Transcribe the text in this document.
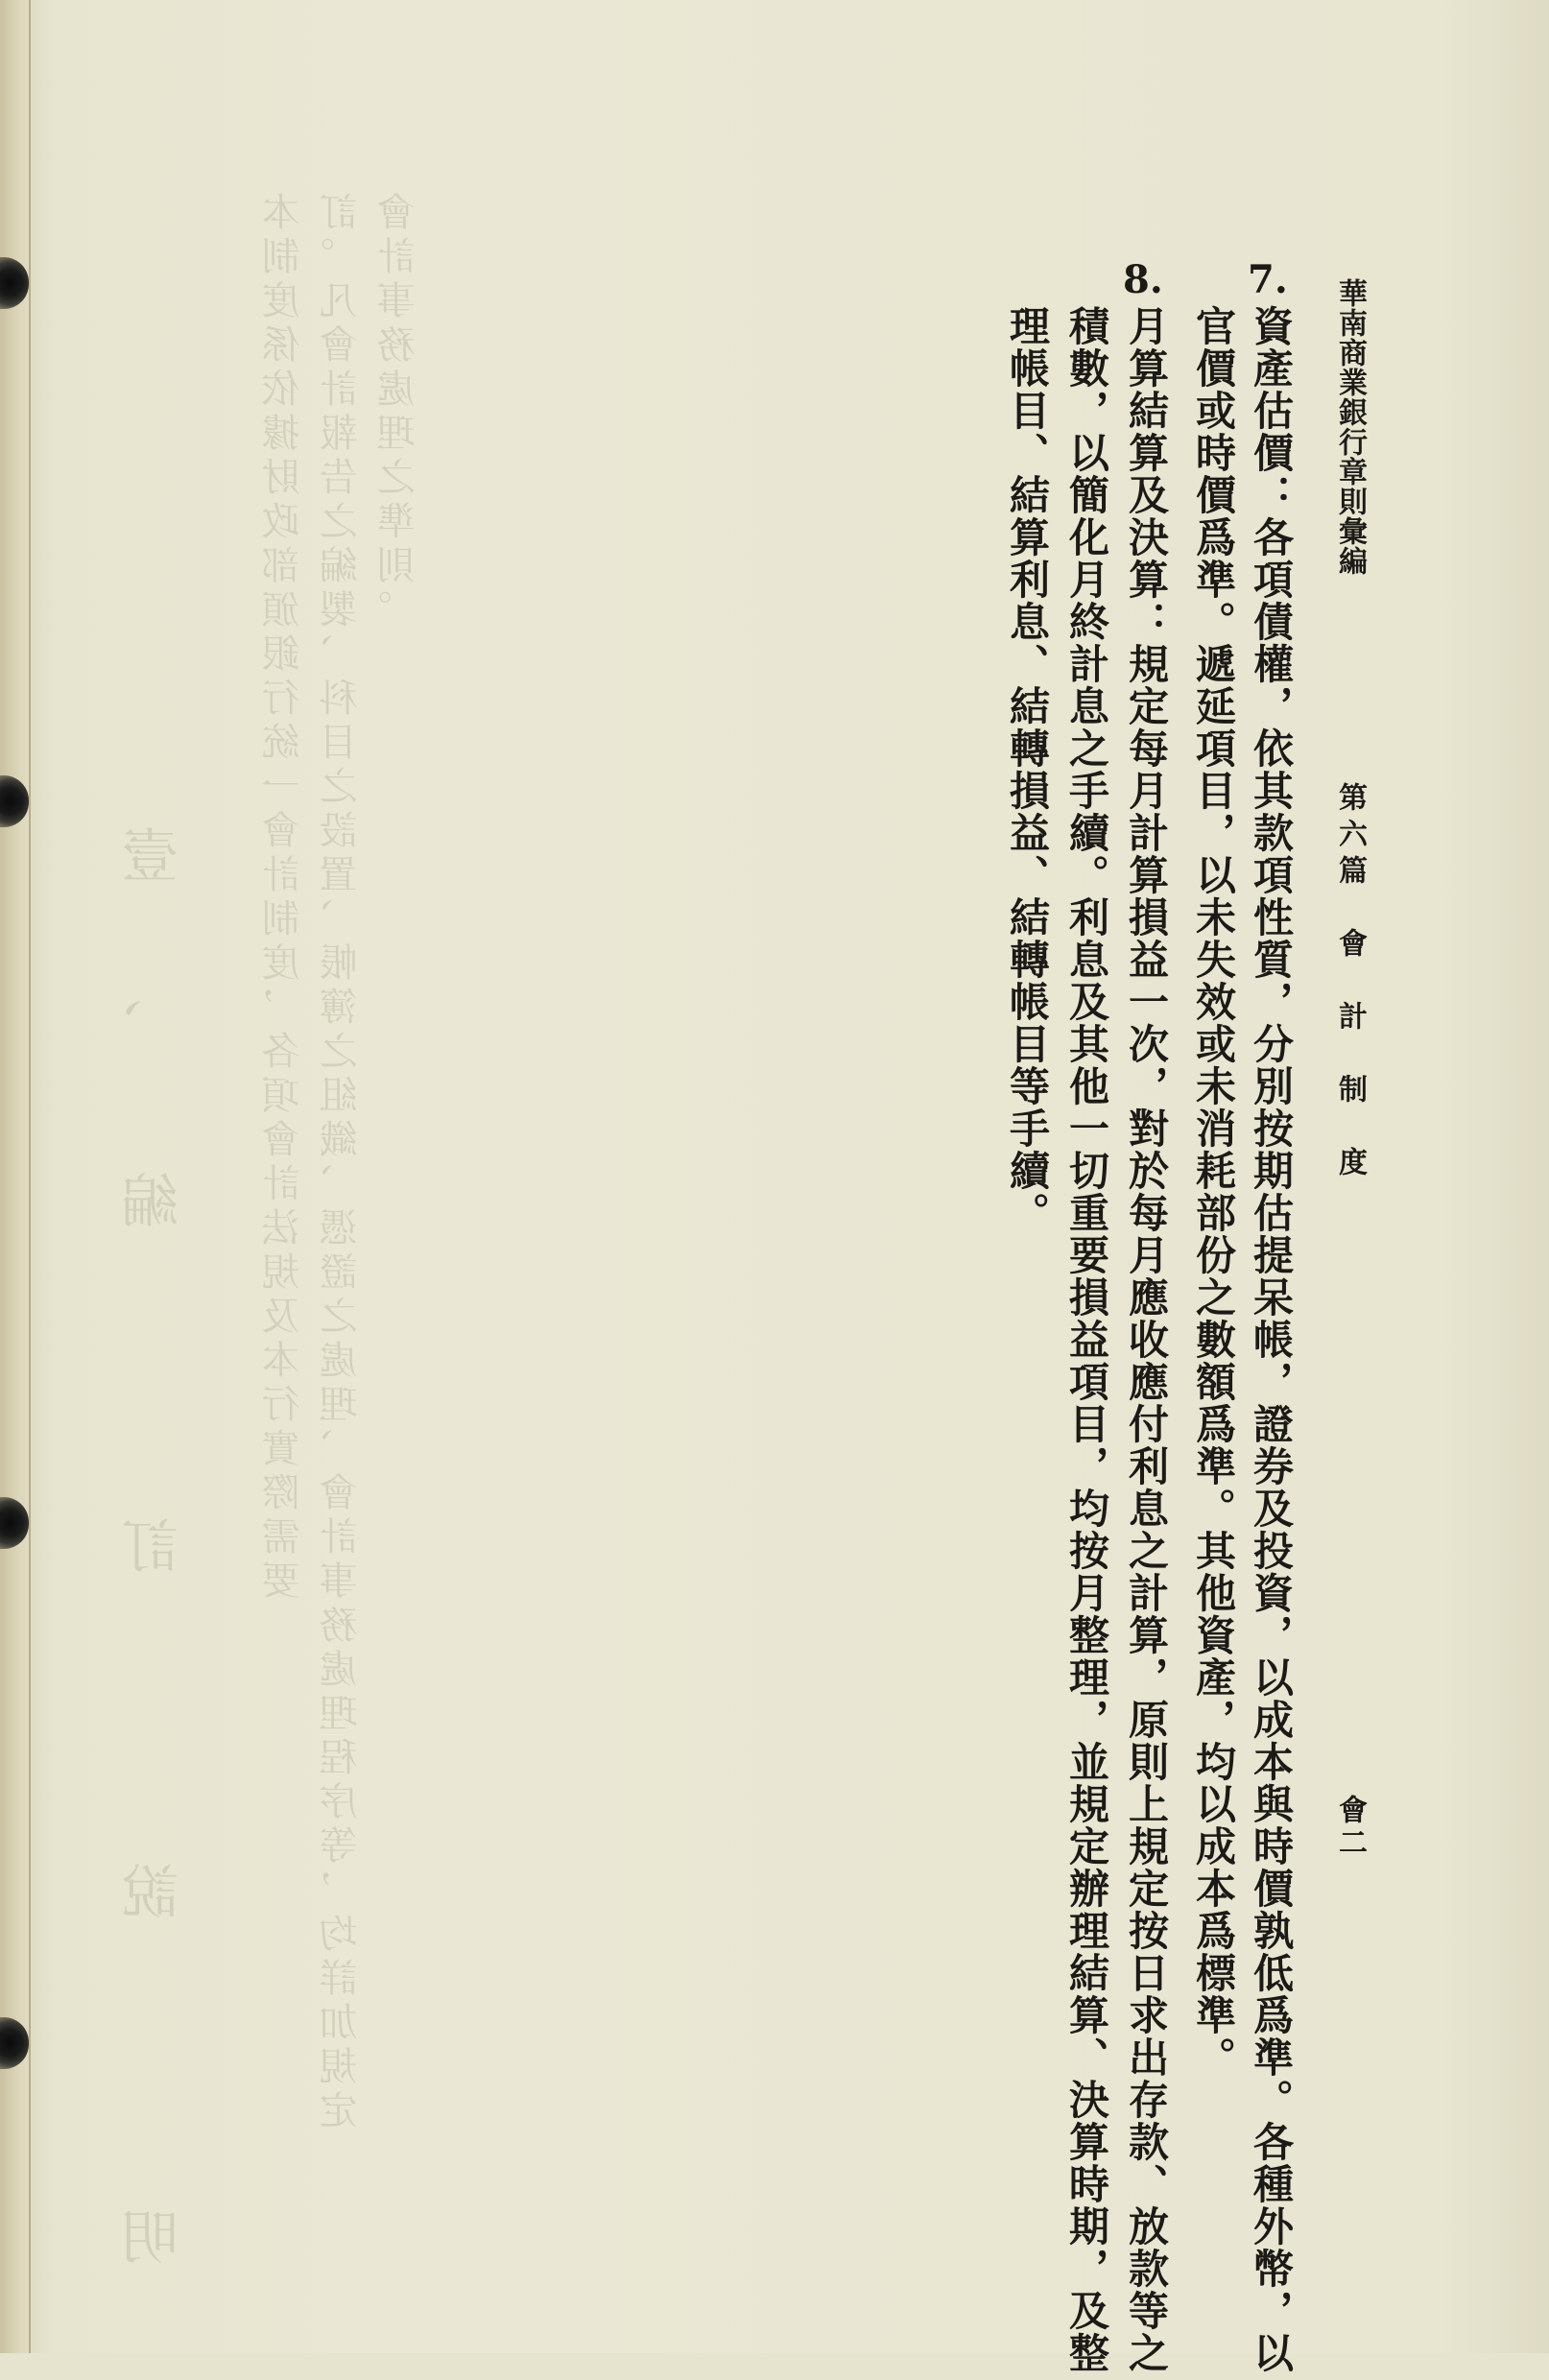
壹、編　訂　說　明 本制度係依據財政部頒銀行統一會計制度，各項會計法規及本行實際需要 訂。凡會計報告之編製、科目之設置、帳簿之組織、憑證之處理、會計事務處理程序等，均詳加規定 會計事務處理之準則。	華南商業銀行章則彙編
第六篇　會　計　制　度
會二
7.
資產估價：各項債權，依其款項性質，分別按期估提呆帳，證券及投資，以成本與時價孰低爲準。各種外幣，以
官價或時價爲準。遞延項目，以未失效或未消耗部份之數額爲準。其他資產，均以成本爲標準。
8.
月算結算及決算：規定每月計算損益一次，對於每月應收應付利息之計算，原則上規定按日求出存款、放款等之
積數，以簡化月終計息之手續。利息及其他一切重要損益項目，均按月整理，並規定辦理結算、決算時期，及整
理帳目、結算利息、結轉損益、結轉帳目等手續。
